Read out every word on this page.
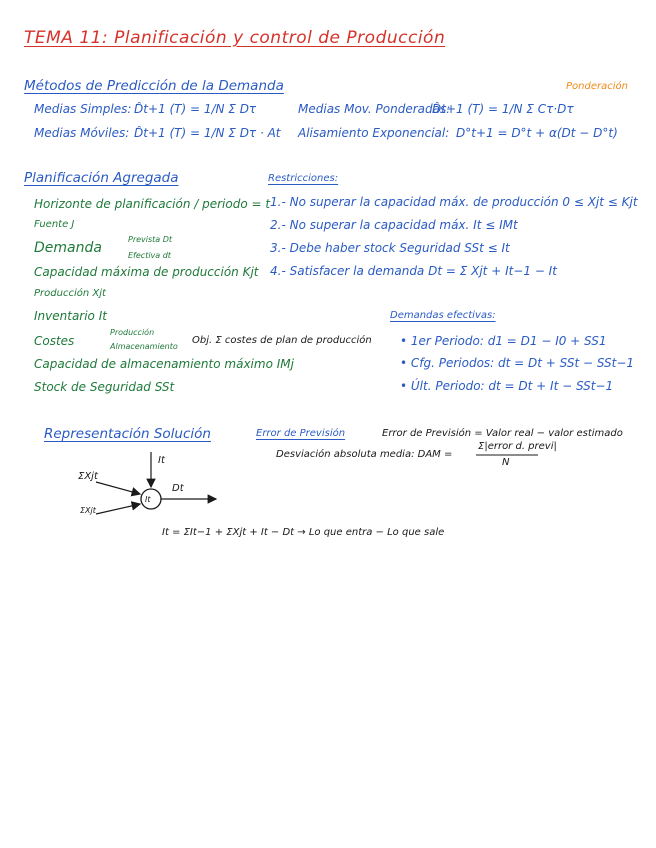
TEMA 11: Planificación y control de Producción
Métodos de Predicción de la Demanda
Medias Simples: D̂t+1 (T) = 1/N Σ Dτ
Medias Móviles: D̂t+1 (T) = 1/N Σ Dτ · At
Medias Mov. Ponderadas:
D̂t+1 (T) = 1/N Σ Cτ·Dτ
Ponderación
Alisamiento Exponencial: D°t+1 = D°t + α(Dt − D°t)
Planificación Agregada
Horizonte de planificación / periodo = t
Fuente J
Demanda
Prevista Dt
Efectiva dt
Capacidad máxima de producción Kjt
Producción Xjt
Inventario It
Costes
Producción
Almacenamiento
Obj. Σ costes de plan de producción
Capacidad de almacenamiento máximo IMj
Stock de Seguridad SSt
Restricciones:
1.- No superar la capacidad máx. de producción 0 ≤ Xjt ≤ Kjt
2.- No superar la capacidad máx. It ≤ IMt
3.- Debe haber stock Seguridad SSt ≤ It
4.- Satisfacer la demanda Dt = Σ Xjt + It−1 − It
Demandas efectivas:
• 1er Periodo: d1 = D1 − I0 + SS1
• Cfg. Periodos: dt = Dt + SSt − SSt−1
• Últ. Periodo: dt = Dt + It − SSt−1
Representación Solución
It
ΣXjt
ΣXjt
It
Dt
It = ΣIt−1 + ΣXjt + It − Dt → Lo que entra − Lo que sale
Error de Previsión	Error de Previsión = Valor real − valor estimado
Desviación absoluta media: DAM =
Σ|error d. previ|
N
